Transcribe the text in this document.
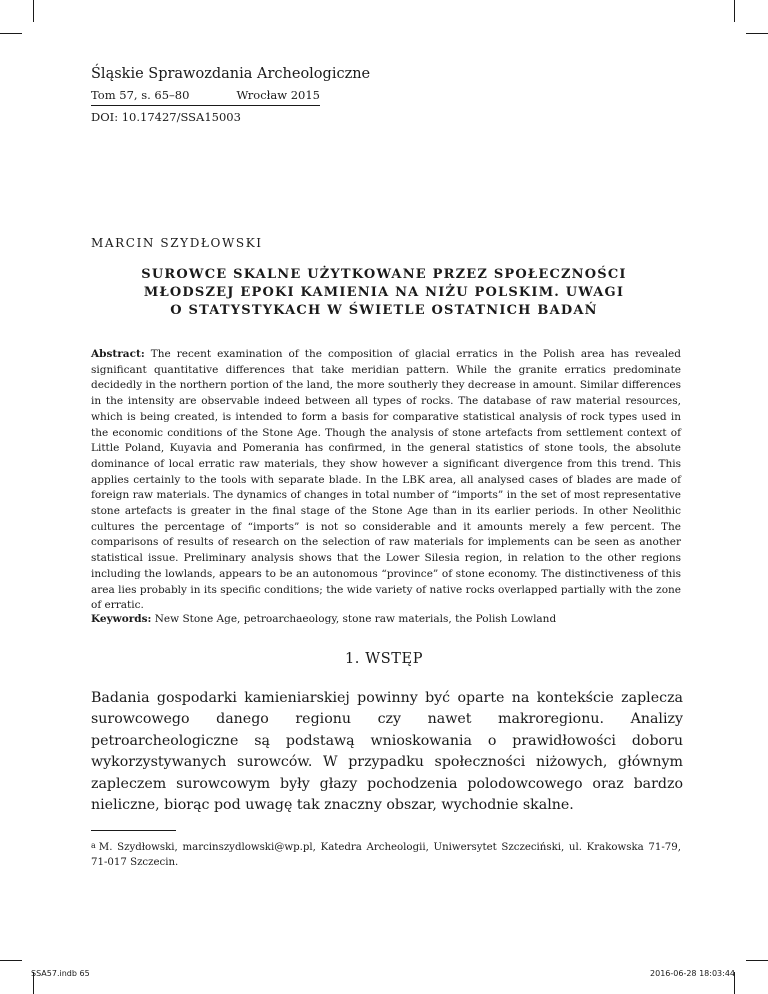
Śląskie Sprawozdania Archeologiczne
Tom 57, s. 65–80	Wrocław 2015
DOI: 10.17427/SSA15003
MARCIN SZYDŁOWSKI
SUROWCE SKALNE UŻYTKOWANE PRZEZ SPOŁECZNOŚCI
MŁODSZEJ EPOKI KAMIENIA NA NIŻU POLSKIM. UWAGI
O STATYSTYKACH W ŚWIETLE OSTATNICH BADAŃ

Abstract: The recent examination of the composition of glacial erratics in the Polish area has revealed significant quantitative differences that take meridian pattern. While the granite erratics predominate decidedly in the northern portion of the land, the more southerly they decrease in amount. Similar differences in the intensity are observable indeed between all types of rocks. The database of raw material resources, which is being created, is intended to form a basis for comparative statistical analysis of rock types used in the economic conditions of the Stone Age. Though the analysis of stone artefacts from settlement context of Little Poland, Kuyavia and Pomerania has confirmed, in the general statistics of stone tools, the absolute dominance of local erratic raw materials, they show however a significant divergence from this trend. This applies certainly to the tools with separate blade. In the LBK area, all analysed cases of blades are made of foreign raw materials. The dynamics of changes in total number of “imports” in the set of most representative stone artefacts is greater in the final stage of the Stone Age than in its earlier periods. In other Neolithic cultures the percentage of “imports” is not so considerable and it amounts merely a few percent. The comparisons of results of research on the selection of raw materials for implements can be seen as another statistical issue. Preliminary analysis shows that the Lower Silesia region, in relation to the other regions including the lowlands, appears to be an autonomous “province” of stone economy. The distinctiveness of this area lies probably in its specific conditions; the wide variety of native rocks overlapped partially with the zone of erratic.

Keywords: New Stone Age, petroarchaeology, stone raw materials, the Polish Lowland
1. WSTĘP

Badania gospodarki kamieniarskiej powinny być oparte na kontekście zaplecza surowcowego danego regionu czy nawet makroregionu. Analizy petroarcheologiczne są podstawą wnioskowania o prawidłowości doboru wykorzystywanych surowców. W przypadku społeczności niżowych, głównym zapleczem surowcowym były głazy pochodzenia polodowcowego oraz bardzo nieliczne, biorąc pod uwagę tak znaczny obszar, wychodnie skalne.

a M. Szydłowski, marcinszydlowski@wp.pl, Katedra Archeologii, Uniwersytet Szczeciński, ul. Krakowska 71-79, 71-017 Szczecin.

SSA57.indb 65	2016-06-28 18:03:44
